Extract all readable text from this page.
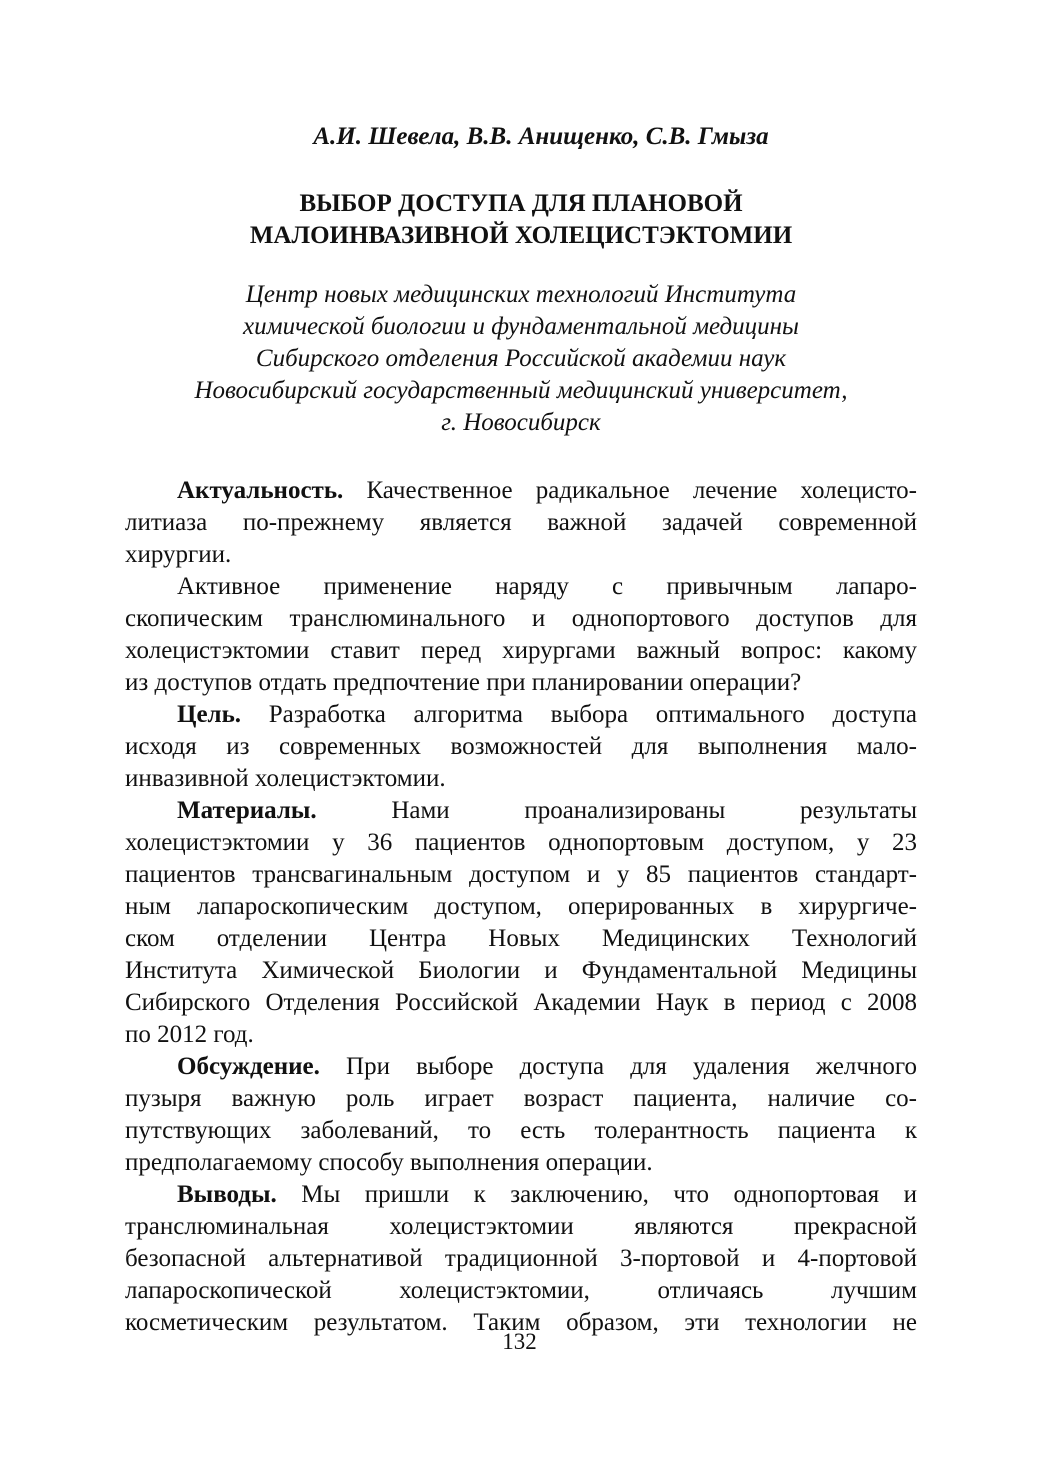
А.И. Шевела, В.В. Анищенко, С.В. Гмыза

ВЫБОР ДОСТУПА ДЛЯ ПЛАНОВОЙ
МАЛОИНВАЗИВНОЙ ХОЛЕЦИСТЭКТОМИИ
Центр новых медицинских технологий Института
химической биологии и фундаментальной медицины
Сибирского отделения Российской академии наук
Новосибирский государственный медицинский университет,
г. Новосибирск
Актуальность. Качественное радикальное лечение холецисто-
литиаза по-прежнему является важной задачей современной
хирургии.
Активное применение наряду с привычным лапаро-
скопическим транслюминального и однопортового доступов для
холецистэктомии ставит перед хирургами важный вопрос: какому
из доступов отдать предпочтение при планировании операции?
Цель. Разработка алгоритма выбора оптимального доступа
исходя из современных возможностей для выполнения мало-
инвазивной холецистэктомии.
Материалы. Нами проанализированы результаты
холецистэктомии у 36 пациентов однопортовым доступом, у 23
пациентов трансвагинальным доступом и у 85 пациентов стандарт-
ным лапароскопическим доступом, оперированных в хирургиче-
ском отделении Центра Новых Медицинских Технологий
Института Химической Биологии и Фундаментальной Медицины
Сибирского Отделения Российской Академии Наук в период с 2008
по 2012 год.
Обсуждение. При выборе доступа для удаления желчного
пузыря важную роль играет возраст пациента, наличие со-
путствующих заболеваний, то есть толерантность пациента к
предполагаемому способу выполнения операции.
Выводы. Мы пришли к заключению, что однопортовая и
транслюминальная холецистэктомии являются прекрасной
безопасной альтернативой традиционной 3-портовой и 4-портовой
лапароскопической холецистэктомии, отличаясь лучшим
косметическим результатом. Таким образом, эти технологии не
132
